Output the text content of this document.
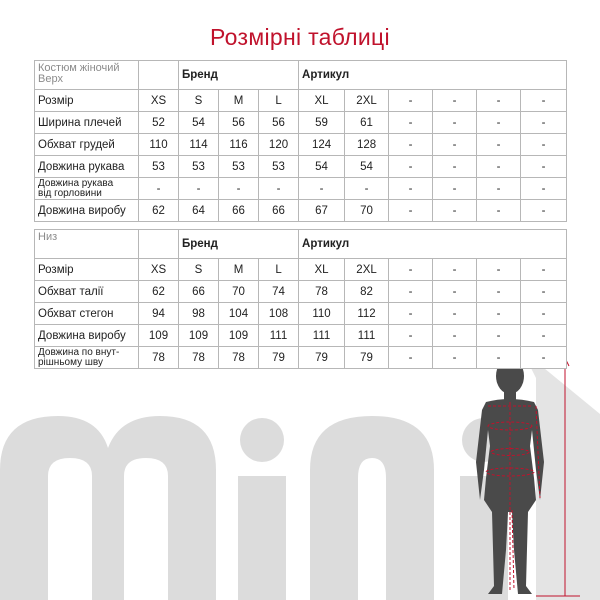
Розмірні таблиці
Костюм жіночий
Верх		Бренд			Артикул					
Розмір	XS	S	M	L	XL	2XL	-	-	-	-
Ширина плечей	52	54	56	56	59	61	-	-	-	-
Обхват грудей	110	114	116	120	124	128	-	-	-	-
Довжина рукава	53	53	53	53	54	54	-	-	-	-
Довжина рукава
від горловини	-	-	-	-	-	-	-	-	-	-
Довжина виробу	62	64	66	66	67	70	-	-	-	-
Низ		Бренд			Артикул					
Розмір	XS	S	M	L	XL	2XL	-	-	-	-
Обхват талії	62	66	70	74	78	82	-	-	-	-
Обхват стегон	94	98	104	108	110	112	-	-	-	-
Довжина виробу	109	109	109	111	111	111	-	-	-	-
Довжина по внут-
рішньому шву	78	78	78	79	79	79	-	-	-	-
